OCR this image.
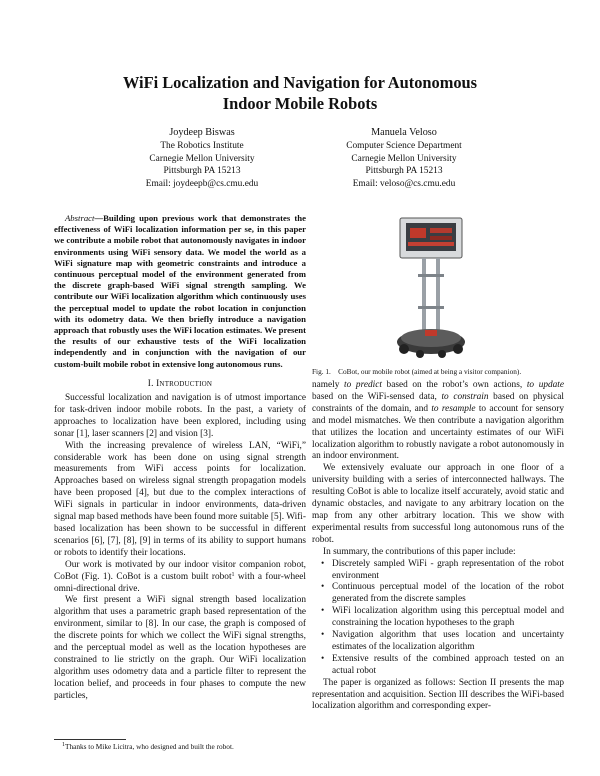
WiFi Localization and Navigation for Autonomous
Indoor Mobile Robots
Joydeep Biswas
The Robotics Institute
Carnegie Mellon University
Pittsburgh PA 15213
Email: joydeepb@cs.cmu.edu
Manuela Veloso
Computer Science Department
Carnegie Mellon University
Pittsburgh PA 15213
Email: veloso@cs.cmu.edu

Abstract—Building upon previous work that demonstrates the effectiveness of WiFi localization information per se, in this paper we contribute a mobile robot that autonomously navigates in indoor environments using WiFi sensory data. We model the world as a WiFi signature map with geometric constraints and introduce a continuous perceptual model of the environment generated from the discrete graph-based WiFi signal strength sampling. We contribute our WiFi localization algorithm which continuously uses the perceptual model to update the robot location in conjunction with its odometry data. We then briefly introduce a navigation approach that robustly uses the WiFi location estimates. We present the results of our exhaustive tests of the WiFi localization independently and in conjunction with the navigation of our custom-built mobile robot in extensive long autonomous runs.

I. Introduction

Successful localization and navigation is of utmost importance for task-driven indoor mobile robots. In the past, a variety of approaches to localization have been explored, including using sonar [1], laser scanners [2] and vision [3].

With the increasing prevalence of wireless LAN, “WiFi,” considerable work has been done on using signal strength measurements from WiFi access points for localization. Approaches based on wireless signal strength propagation models have been proposed [4], but due to the complex interactions of WiFi signals in particular in indoor environments, data-driven signal map based methods have been found more suitable [5]. Wifi-based localization has been shown to be successful in different scenarios [6], [7], [8], [9] in terms of its ability to support humans or robots to identify their locations.

Our work is motivated by our indoor visitor companion robot, CoBot (Fig. 1). CoBot is a custom built robot$^1$ with a four-wheel omni-directional drive.

We first present a WiFi signal strength based localization algorithm that uses a parametric graph based representation of the environment, similar to [8]. In our case, the graph is composed of the discrete points for which we collect the WiFi signal strengths, and the perceptual model as well as the location hypotheses are constrained to lie strictly on the graph. Our WiFi localization algorithm uses odometry data and a particle filter to represent the location belief, and proceeds in four phases to compute the new particles,

$^1$Thanks to Mike Licitra, who designed and built the robot.
Fig. 1.    CoBot, our mobile robot (aimed at being a visitor companion).

namely to predict based on the robot’s own actions, to update based on the WiFi-sensed data, to constrain based on physical constraints of the domain, and to resample to account for sensory and model mismatches. We then contribute a navigation algorithm that utilizes the location and uncertainty estimates of our WiFi localization algorithm to robustly navigate a robot autonomously in an indoor environment.

We extensively evaluate our approach in one floor of a university building with a series of interconnected hallways. The resulting CoBot is able to localize itself accurately, avoid static and dynamic obstacles, and navigate to any arbitrary location on the map from any other arbitrary location. This we show with experimental results from successful long autonomous runs of the robot.

In summary, the contributions of this paper include:

• Discretely sampled WiFi - graph representation of the robot environment
• Continuous perceptual model of the location of the robot generated from the discrete samples
• WiFi localization algorithm using this perceptual model and constraining the location hypotheses to the graph
• Navigation algorithm that uses location and uncertainty estimates of the localization algorithm
• Extensive results of the combined approach tested on an actual robot

The paper is organized as follows: Section II presents the map representation and acquisition. Section III describes the WiFi-based localization algorithm and corresponding exper-
